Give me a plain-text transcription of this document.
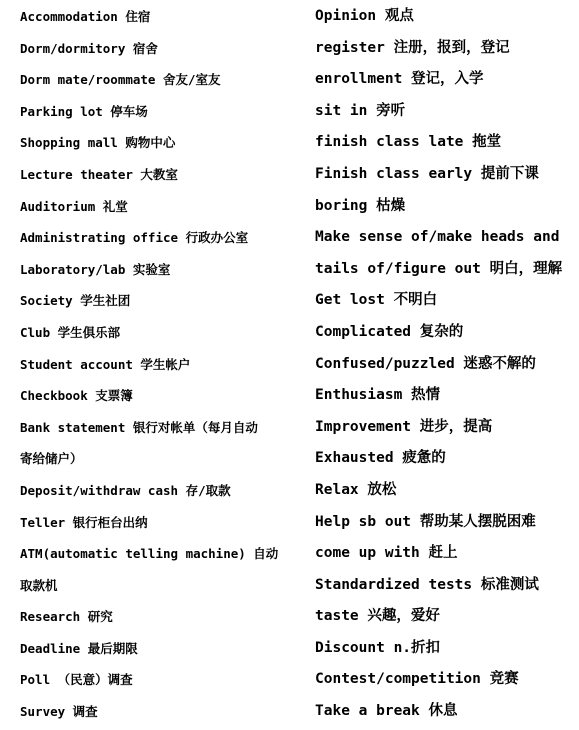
Accommodation 住宿
Dorm/dormitory 宿舍
Dorm mate/roommate 舍友/室友
Parking lot 停车场
Shopping mall 购物中心
Lecture theater 大教室
Auditorium 礼堂
Administrating office 行政办公室
Laboratory/lab 实验室
Society 学生社团
Club 学生俱乐部
Student account 学生帐户
Checkbook 支票簿
Bank statement 银行对帐单（每月自动
寄给储户）
Deposit/withdraw cash 存/取款
Teller 银行柜台出纳
ATM(automatic telling machine) 自动
取款机
Research 研究
Deadline 最后期限
Poll （民意）调查
Survey 调查
Opinion 观点
register 注册，报到，登记
enrollment 登记，入学
sit in 旁听
finish class late 拖堂
Finish class early 提前下课
boring 枯燥
Make sense of/make heads and
tails of/figure out 明白，理解
Get lost 不明白
Complicated 复杂的
Confused/puzzled 迷惑不解的
Enthusiasm 热情
Improvement 进步，提高
Exhausted 疲惫的
Relax 放松
Help sb out 帮助某人摆脱困难
come up with 赶上
Standardized tests 标准测试
taste 兴趣，爱好
Discount n.折扣
Contest/competition 竞赛
Take a break 休息
